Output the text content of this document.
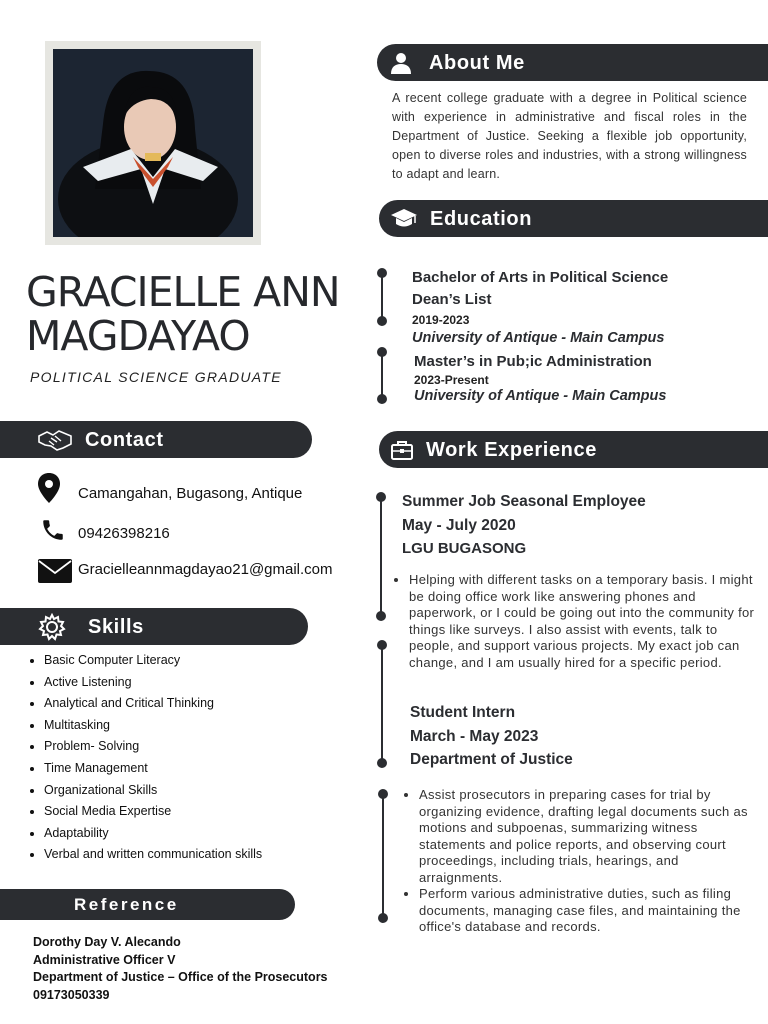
GRACIELLE ANN
MAGDAYAO
POLITICAL SCIENCE GRADUATE
Contact
Camangahan, Bugasong, Antique
09426398216
Gracielleannmagdayao21@gmail.com
Skills
• Basic Computer Literacy
• Active Listening
• Analytical and Critical Thinking
• Multitasking
• Problem- Solving
• Time Management
• Organizational Skills
• Social Media Expertise
• Adaptability
• Verbal and written communication skills
Reference
Dorothy Day V. Alecando
Administrative Officer V
Department of Justice – Office of the Prosecutors
09173050339
About Me
A recent college graduate with a degree in Political science with experience in administrative and fiscal roles in the Department of Justice. Seeking a flexible job opportunity, open to diverse roles and industries, with a strong willingness to adapt and learn.
Education
Bachelor of Arts in Political Science
Dean’s List
2019-2023
University of Antique - Main Campus
Master’s in Pub;ic Administration
2023-Present
University of Antique - Main Campus
Work Experience
Summer Job Seasonal Employee
May - July 2020
LGU BUGASONG
• Helping with different tasks on a temporary basis. I might be doing office work like answering phones and paperwork, or I could be going out into the community for things like surveys. I also assist with events, talk to people, and support various projects. My exact job can change, and I am usually hired for a specific period.
Student Intern
March - May 2023
Department of Justice
• Assist prosecutors in preparing cases for trial by organizing evidence, drafting legal documents such as motions and subpoenas, summarizing witness statements and police reports, and observing court proceedings, including trials, hearings, and arraignments.
• Perform various administrative duties, such as filing documents, managing case files, and maintaining the office's database and records.
